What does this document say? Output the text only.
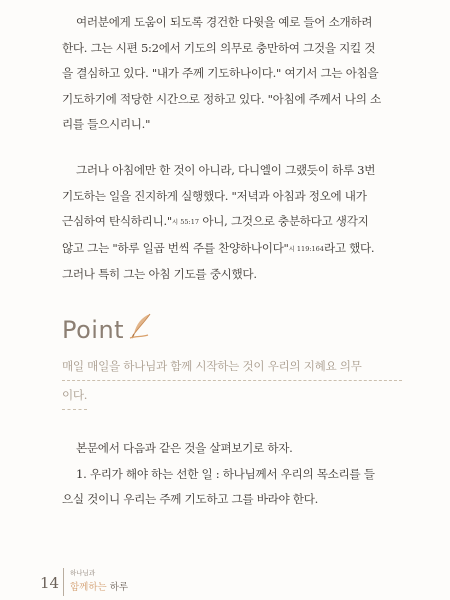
여러분에게 도움이 되도록 경건한 다윗을 예로 들어 소개하려
한다. 그는 시편 5:2에서 기도의 의무로 충만하여 그것을 지킬 것
을 결심하고 있다. "내가 주께 기도하나이다." 여기서 그는 아침을
기도하기에 적당한 시간으로 정하고 있다. "아침에 주께서 나의 소
리를 들으시리니."
그러나 아침에만 한 것이 아니라, 다니엘이 그랬듯이 하루 3번
기도하는 일을 진지하게 실행했다. "저녁과 아침과 정오에 내가
근심하여 탄식하리니."시 55:17 아니, 그것으로 충분하다고 생각지
않고 그는 "하루 일곱 번씩 주를 찬양하나이다"시 119:164라고 했다.
그러나 특히 그는 아침 기도를 중시했다.
Point
매일 매일을 하나님과 함께 시작하는 것이 우리의 지혜요 의무
이다.
본문에서 다음과 같은 것을 살펴보기로 하자.
1. 우리가 해야 하는 선한 일 : 하나님께서 우리의 목소리를 들
으실 것이니 우리는 주께 기도하고 그를 바라야 한다.
14
하나님과
함께하는 하루
